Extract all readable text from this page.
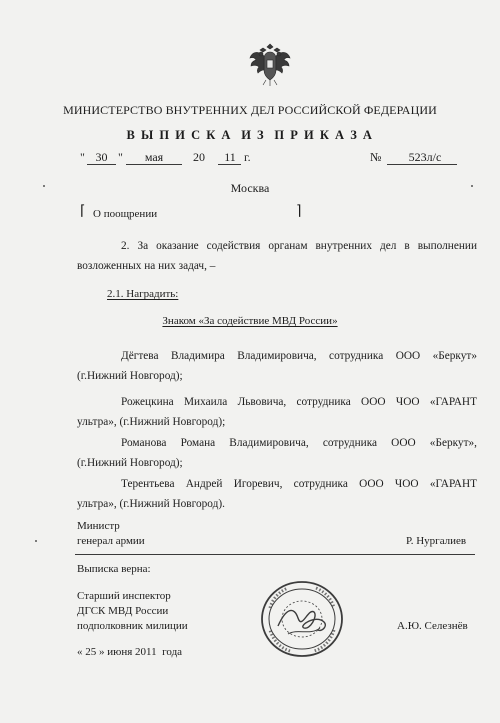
МИНИСТЕРСТВО ВНУТРЕННИХ ДЕЛ РОССИЙСКОЙ ФЕДЕРАЦИИ
В Ы П И С К А  И З  П Р И К А З А
" 30 "	мая	20 11 г.	№	523л/с
Москва
⌈ О поощрении	⌉
2. За оказание содействия органам внутренних дел в выполнении
возложенных на них задач, –
2.1. Наградить:
Знаком «За содействие МВД России»
Дёгтева Владимира Владимировича, сотрудника ООО «Беркут»
(г.Нижний Новгород);
Рожецкина Михаила Львовича, сотрудника ООО ЧОО «ГАРАНТ
ультра», (г.Нижний Новгород);
Романова Романа Владимировича, сотрудника ООО «Беркут»,
(г.Нижний Новгород);
Терентьева Андрей Игоревич, сотрудника ООО ЧОО «ГАРАНТ
ультра», (г.Нижний Новгород).
Министр
генерал армии	Р. Нургалиев
Выписка верна:
Старший инспектор
ДГСК МВД России
подполковник милиции	А.Ю. Селезнёв
« 25 » июня 2011  года
